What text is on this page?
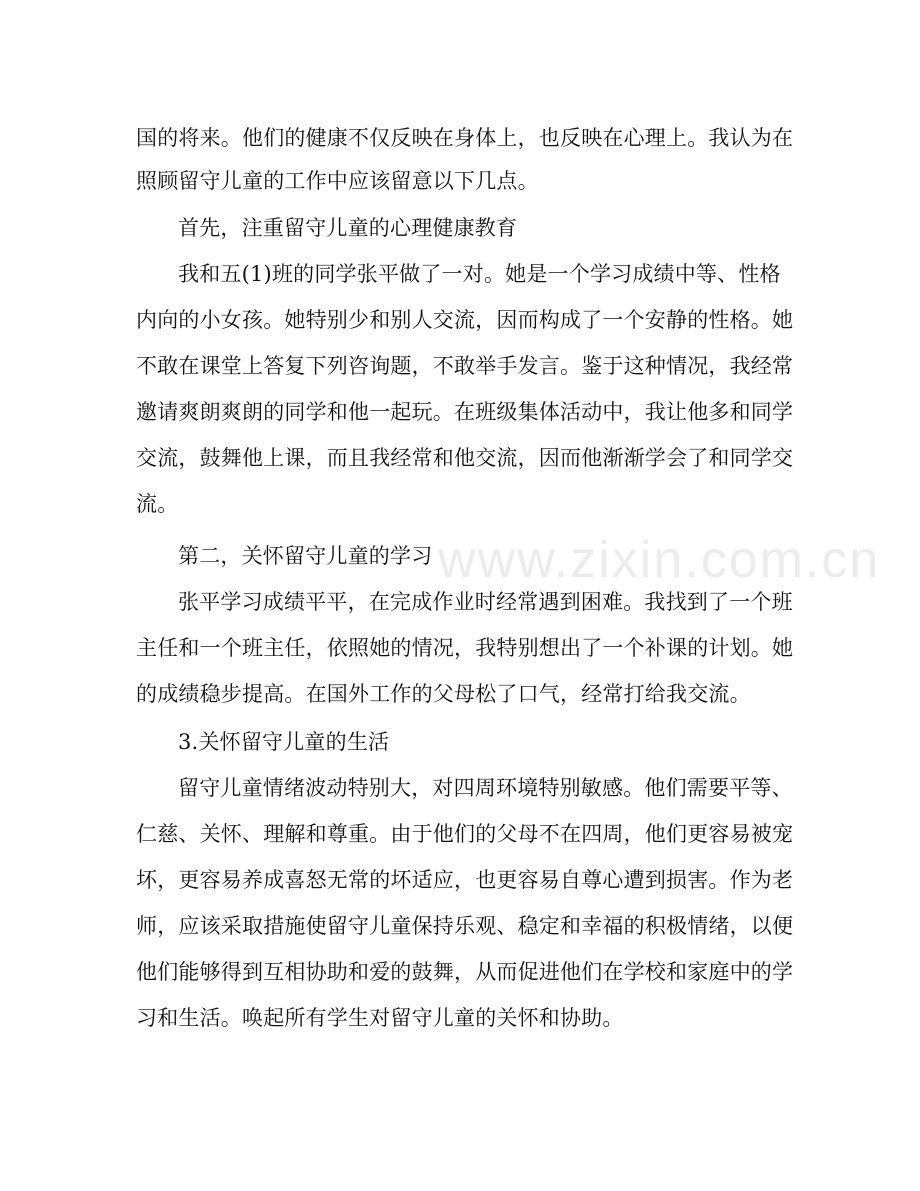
国的将来。他们的健康不仅反映在身体上，也反映在心理上。我认为在
照顾留守儿童的工作中应该留意以下几点。
首先，注重留守儿童的心理健康教育
我和五(1)班的同学张平做了一对。她是一个学习成绩中等、性格
内向的小女孩。她特别少和别人交流，因而构成了一个安静的性格。她
不敢在课堂上答复下列咨询题，不敢举手发言。鉴于这种情况，我经常
邀请爽朗爽朗的同学和他一起玩。在班级集体活动中，我让他多和同学
交流，鼓舞他上课，而且我经常和他交流，因而他渐渐学会了和同学交
流。
第二，关怀留守儿童的学习
张平学习成绩平平，在完成作业时经常遇到困难。我找到了一个班
主任和一个班主任，依照她的情况，我特别想出了一个补课的计划。她
的成绩稳步提高。在国外工作的父母松了口气，经常打给我交流。
3.关怀留守儿童的生活
留守儿童情绪波动特别大，对四周环境特别敏感。他们需要平等、
仁慈、关怀、理解和尊重。由于他们的父母不在四周，他们更容易被宠
坏，更容易养成喜怒无常的坏适应，也更容易自尊心遭到损害。作为老
师，应该采取措施使留守儿童保持乐观、稳定和幸福的积极情绪，以便
他们能够得到互相协助和爱的鼓舞，从而促进他们在学校和家庭中的学
习和生活。唤起所有学生对留守儿童的关怀和协助。
www.zixin.com.cn
